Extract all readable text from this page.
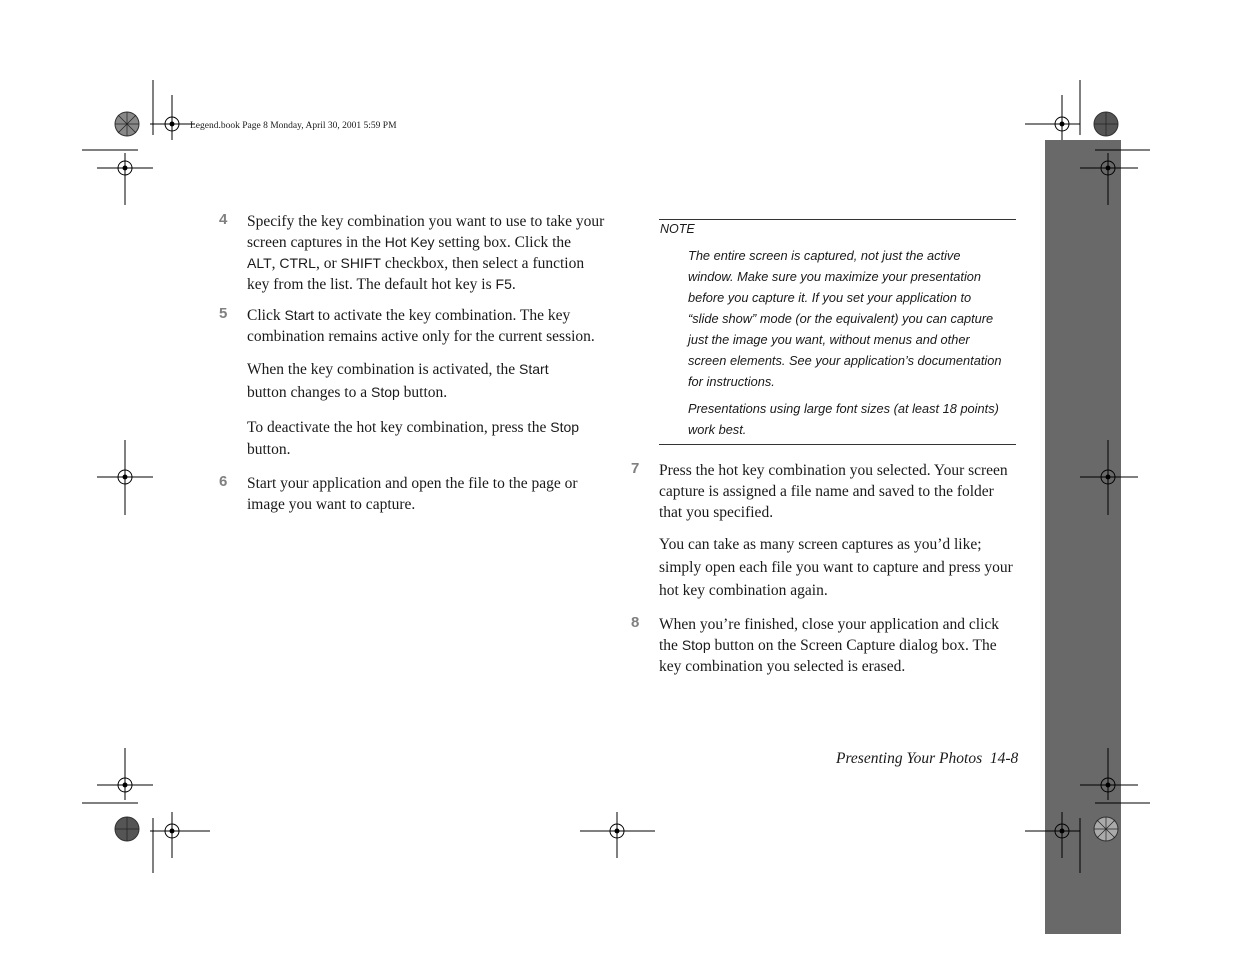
Legend.book Page 8 Monday, April 30, 2001 5:59 PM
4 Specify the key combination you want to use to take your

screen captures in the Hot Key setting box. Click the

ALT, CTRL, or SHIFT checkbox, then select a function

key from the list. The default hot key is F5.

5 Click Start to activate the key combination. The key

combination remains active only for the current session.

When the key combination is activated, the Start

button changes to a Stop button.

To deactivate the hot key combination, press the Stop

button.

6 Start your application and open the file to the page or

image you want to capture.

NOTE

The entire screen is captured, not just the active

window. Make sure you maximize your presentation

before you capture it. If you set your application to

“slide show” mode (or the equivalent) you can capture

just the image you want, without menus and other

screen elements. See your application’s documentation

for instructions.

Presentations using large font sizes (at least 18 points)

work best.

7 Press the hot key combination you selected. Your screen

capture is assigned a file name and saved to the folder

that you specified.

You can take as many screen captures as you’d like;

simply open each file you want to capture and press your

hot key combination again.

8 When you’re finished, close your application and click

the Stop button on the Screen Capture dialog box. The

key combination you selected is erased.

Presenting Your Photos 14-8
